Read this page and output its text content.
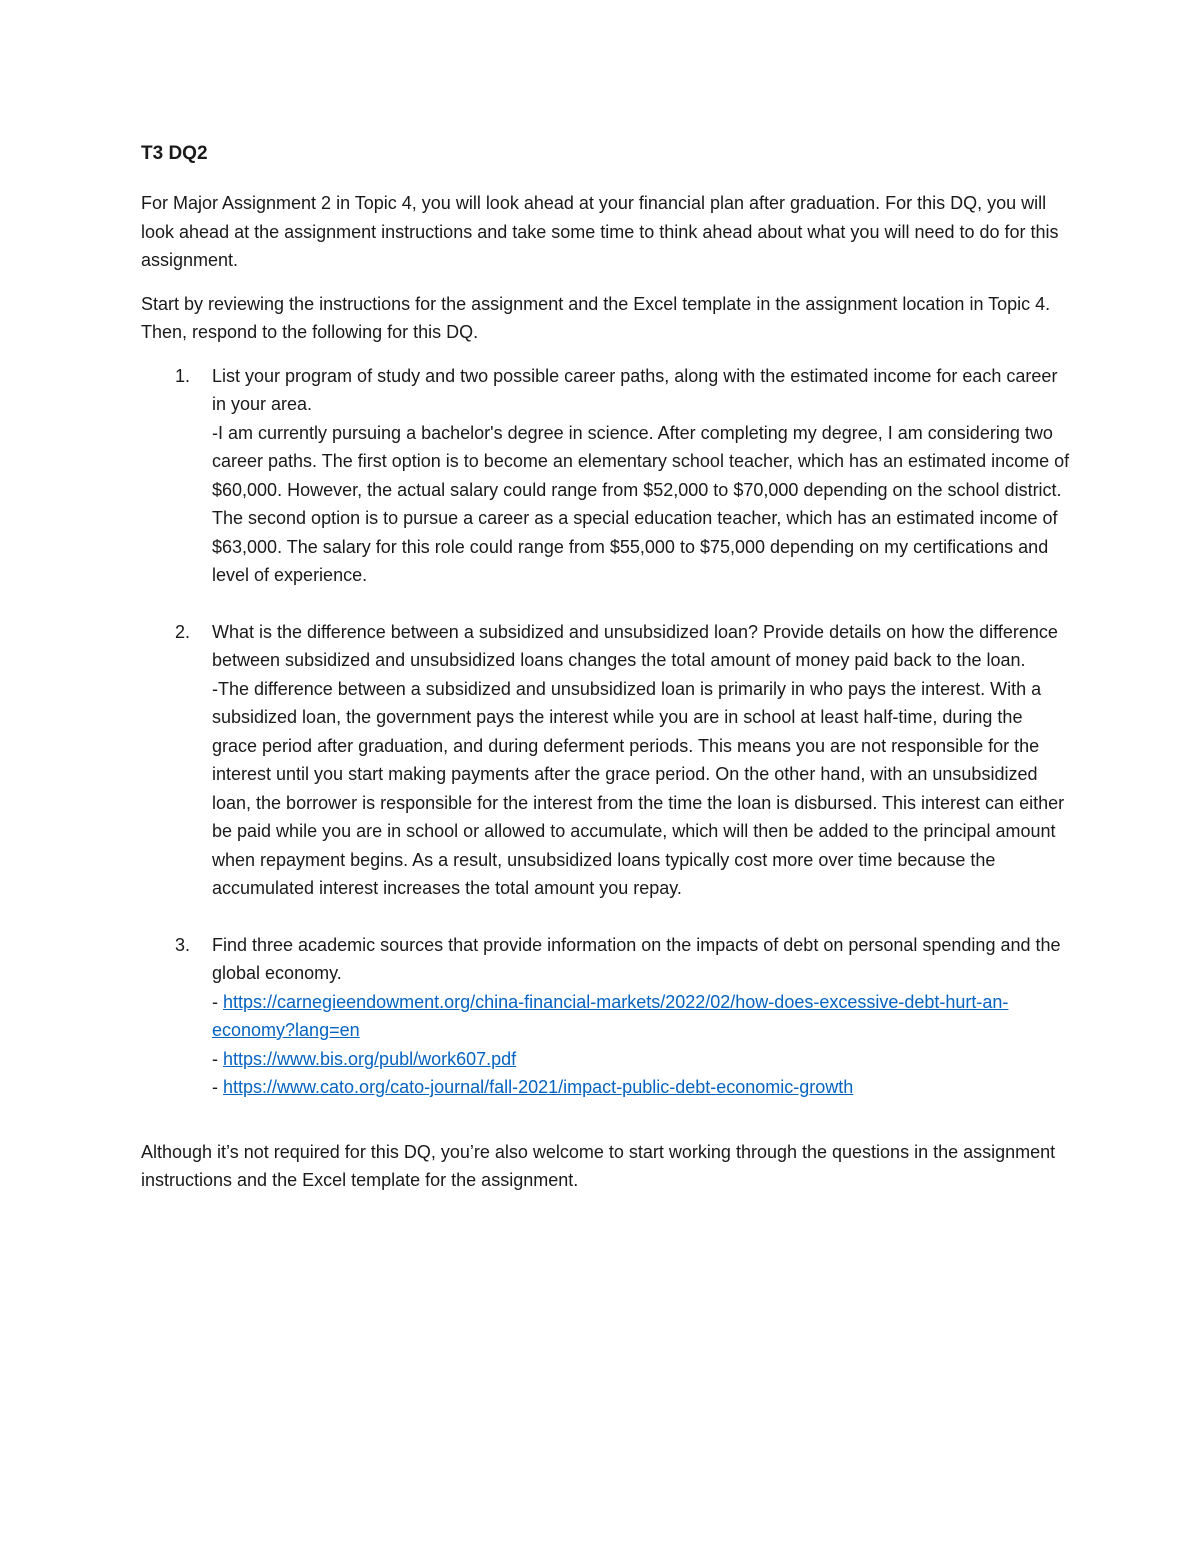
T3 DQ2

For Major Assignment 2 in Topic 4, you will look ahead at your financial plan after graduation. For this DQ, you will look ahead at the assignment instructions and take some time to think ahead about what you will need to do for this assignment.

Start by reviewing the instructions for the assignment and the Excel template in the assignment location in Topic 4. Then, respond to the following for this DQ.

1. List your program of study and two possible career paths, along with the estimated income for each career in your area.
-I am currently pursuing a bachelor's degree in science. After completing my degree, I am considering two career paths. The first option is to become an elementary school teacher, which has an estimated income of $60,000. However, the actual salary could range from $52,000 to $70,000 depending on the school district. The second option is to pursue a career as a special education teacher, which has an estimated income of $63,000. The salary for this role could range from $55,000 to $75,000 depending on my certifications and level of experience.
2. What is the difference between a subsidized and unsubsidized loan? Provide details on how the difference between subsidized and unsubsidized loans changes the total amount of money paid back to the loan.
-The difference between a subsidized and unsubsidized loan is primarily in who pays the interest. With a subsidized loan, the government pays the interest while you are in school at least half-time, during the grace period after graduation, and during deferment periods. This means you are not responsible for the interest until you start making payments after the grace period. On the other hand, with an unsubsidized loan, the borrower is responsible for the interest from the time the loan is disbursed. This interest can either be paid while you are in school or allowed to accumulate, which will then be added to the principal amount when repayment begins. As a result, unsubsidized loans typically cost more over time because the accumulated interest increases the total amount you repay.
3. Find three academic sources that provide information on the impacts of debt on personal spending and the global economy.
- https://carnegieendowment.org/china-financial-markets/2022/02/how-does-excessive-debt-hurt-an-economy?lang=en
- https://www.bis.org/publ/work607.pdf
- https://www.cato.org/cato-journal/fall-2021/impact-public-debt-economic-growth

Although it’s not required for this DQ, you’re also welcome to start working through the questions in the assignment instructions and the Excel template for the assignment.
